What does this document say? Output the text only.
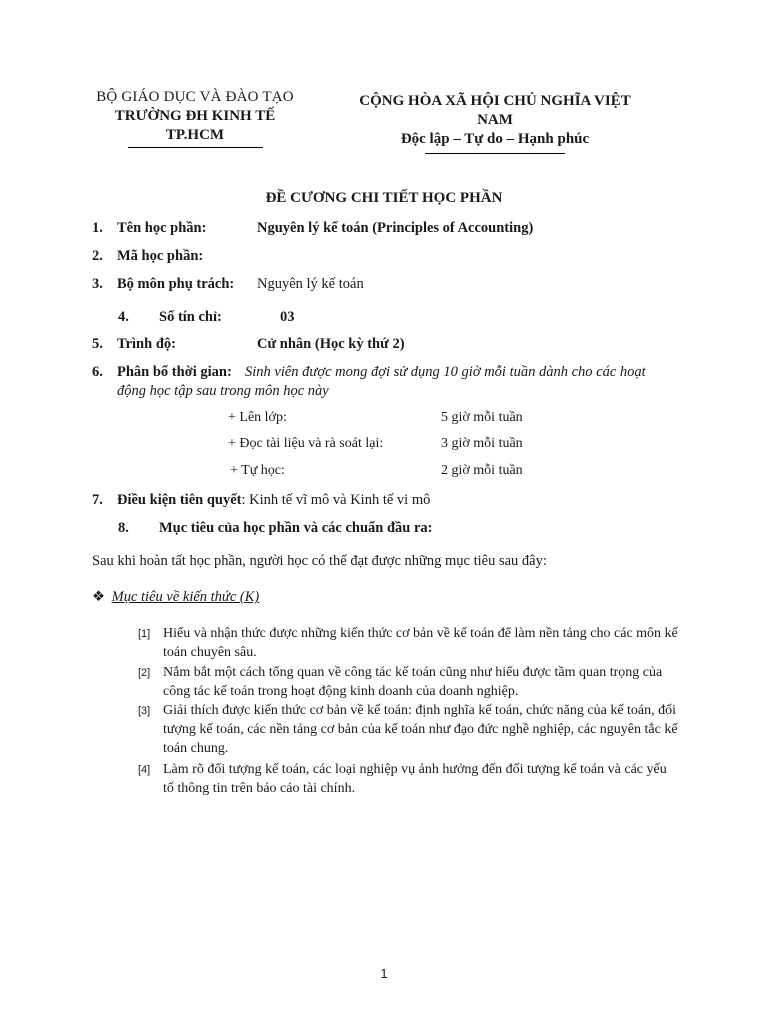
BỘ GIÁO DỤC VÀ ĐÀO TẠO
TRƯỜNG ĐH KINH TẾ TP.HCM
CỘNG HÒA XÃ HỘI CHỦ NGHĨA VIỆT NAM
Độc lập – Tự do – Hạnh phúc
ĐỀ CƯƠNG CHI TIẾT HỌC PHẦN
1. Tên học phần:	Nguyên lý kế toán (Principles of Accounting)
2. Mã học phần:
3. Bộ môn phụ trách: Nguyên lý kế toán
4. Số tín chỉ:	03
5. Trình độ:	Cử nhân (Học kỳ thứ 2)
6. Phân bổ thời gian: Sinh viên được mong đợi sử dụng 10 giờ mỗi tuần dành cho các hoạt
động học tập sau trong môn học này
+ Lên lớp:	5 giờ mỗi tuần
+ Đọc tài liệu và rà soát lại:	3 giờ mỗi tuần
+ Tự học:	2 giờ mỗi tuần
7. Điều kiện tiên quyết: Kinh tế vĩ mô và Kinh tế vi mô
8. Mục tiêu của học phần và các chuẩn đầu ra:
Sau khi hoàn tất học phần, người học có thể đạt được những mục tiêu sau đây:
❖ Mục tiêu về kiến thức (K)
[1] Hiểu và nhận thức được những kiến thức cơ bản về kế toán để làm nền tảng cho các môn kế toán chuyên sâu.
[2] Nắm bắt một cách tổng quan về công tác kế toán cũng như hiểu được tầm quan trọng của công tác kế toán trong hoạt động kinh doanh của doanh nghiệp.
[3] Giải thích được kiến thức cơ bản về kế toán: định nghĩa kế toán, chức năng của kế toán, đối tượng kế toán, các nền tảng cơ bản của kế toán như đạo đức nghề nghiệp, các nguyên tắc kế toán chung.
[4] Làm rõ đối tượng kế toán, các loại nghiệp vụ ảnh hưởng đến đối tượng kế toán và các yếu tố thông tin trên báo cáo tài chính.
1
